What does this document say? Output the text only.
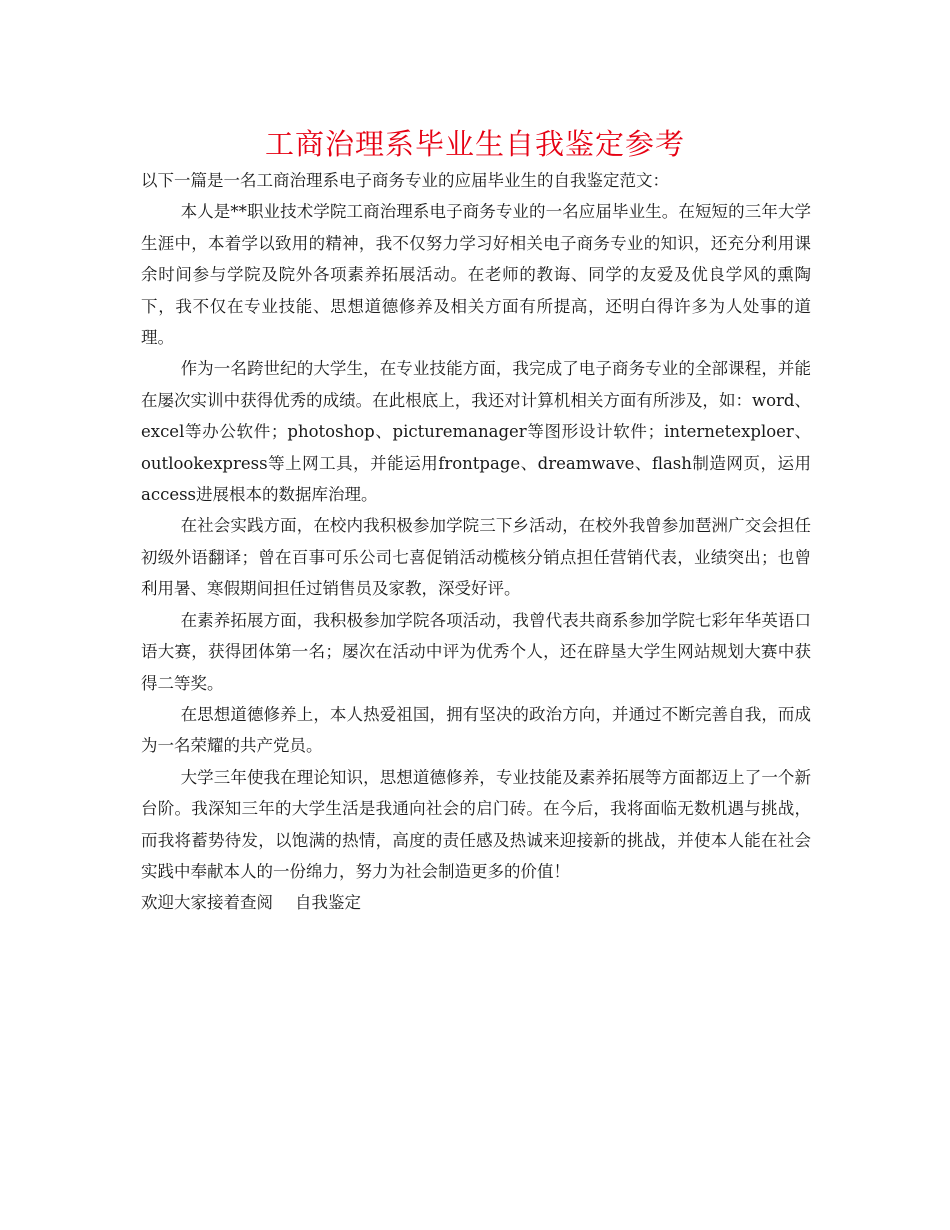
工商治理系毕业生自我鉴定参考

以下一篇是一名工商治理系电子商务专业的应届毕业生的自我鉴定范文：

本人是**职业技术学院工商治理系电子商务专业的一名应届毕业生。在短短的三年大学生涯中，本着学以致用的精神，我不仅努力学习好相关电子商务专业的知识，还充分利用课余时间参与学院及院外各项素养拓展活动。在老师的教诲、同学的友爱及优良学风的熏陶下，我不仅在专业技能、思想道德修养及相关方面有所提高，还明白得许多为人处事的道理。

作为一名跨世纪的大学生，在专业技能方面，我完成了电子商务专业的全部课程，并能在屡次实训中获得优秀的成绩。在此根底上，我还对计算机相关方面有所涉及，如：word、excel等办公软件；photoshop、picturemanager等图形设计软件；internetexploer、outlookexpress等上网工具，并能运用frontpage、dreamwave、flash制造网页，运用access进展根本的数据库治理。

在社会实践方面，在校内我积极参加学院三下乡活动，在校外我曾参加琶洲广交会担任初级外语翻译；曾在百事可乐公司七喜促销活动榄核分销点担任营销代表，业绩突出；也曾利用暑、寒假期间担任过销售员及家教，深受好评。

在素养拓展方面，我积极参加学院各项活动，我曾代表共商系参加学院七彩年华英语口语大赛，获得团体第一名；屡次在活动中评为优秀个人，还在辟垦大学生网站规划大赛中获得二等奖。

在思想道德修养上，本人热爱祖国，拥有坚决的政治方向，并通过不断完善自我，而成为一名荣耀的共产党员。

大学三年使我在理论知识，思想道德修养，专业技能及素养拓展等方面都迈上了一个新台阶。我深知三年的大学生活是我通向社会的启门砖。在今后，我将面临无数机遇与挑战，而我将蓄势待发，以饱满的热情，高度的责任感及热诚来迎接新的挑战，并使本人能在社会实践中奉献本人的一份绵力，努力为社会制造更多的价值！

欢迎大家接着查阅 自我鉴定
